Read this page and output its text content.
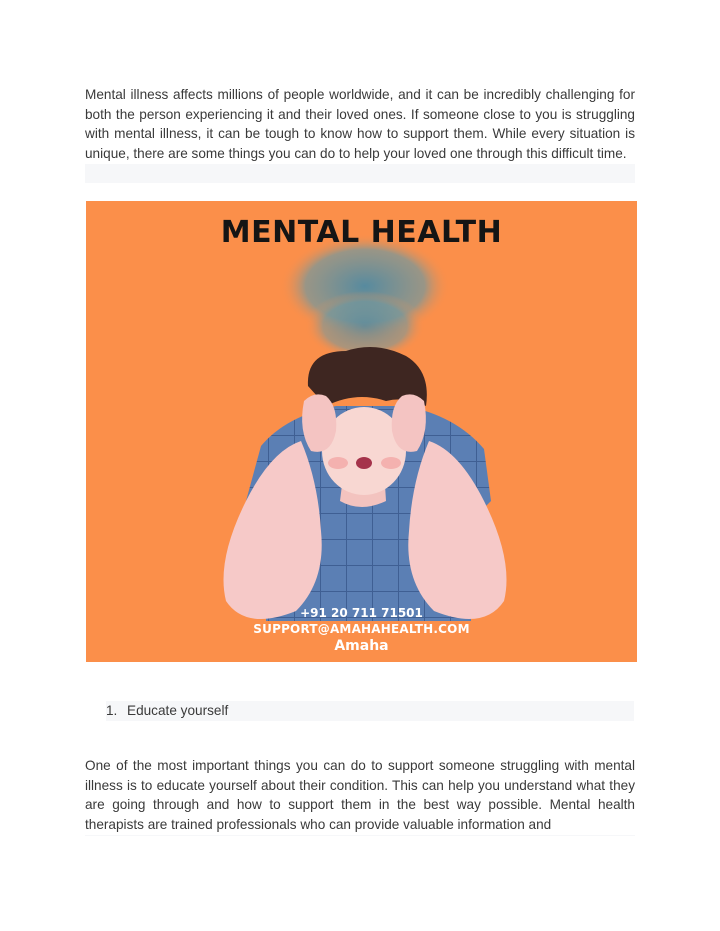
Mental illness affects millions of people worldwide, and it can be incredibly challenging for both the person experiencing it and their loved ones. If someone close to you is struggling with mental illness, it can be tough to know how to support them. While every situation is unique, there are some things you can do to help your loved one through this difficult time.

MENTAL HEALTH
+91 20 711 71501
SUPPORT@AMAHAHEALTH.COM
Amaha
1. Educate yourself

One of the most important things you can do to support someone struggling with mental illness is to educate yourself about their condition. This can help you understand what they are going through and how to support them in the best way possible. Mental health therapists are trained professionals who can provide valuable information and
